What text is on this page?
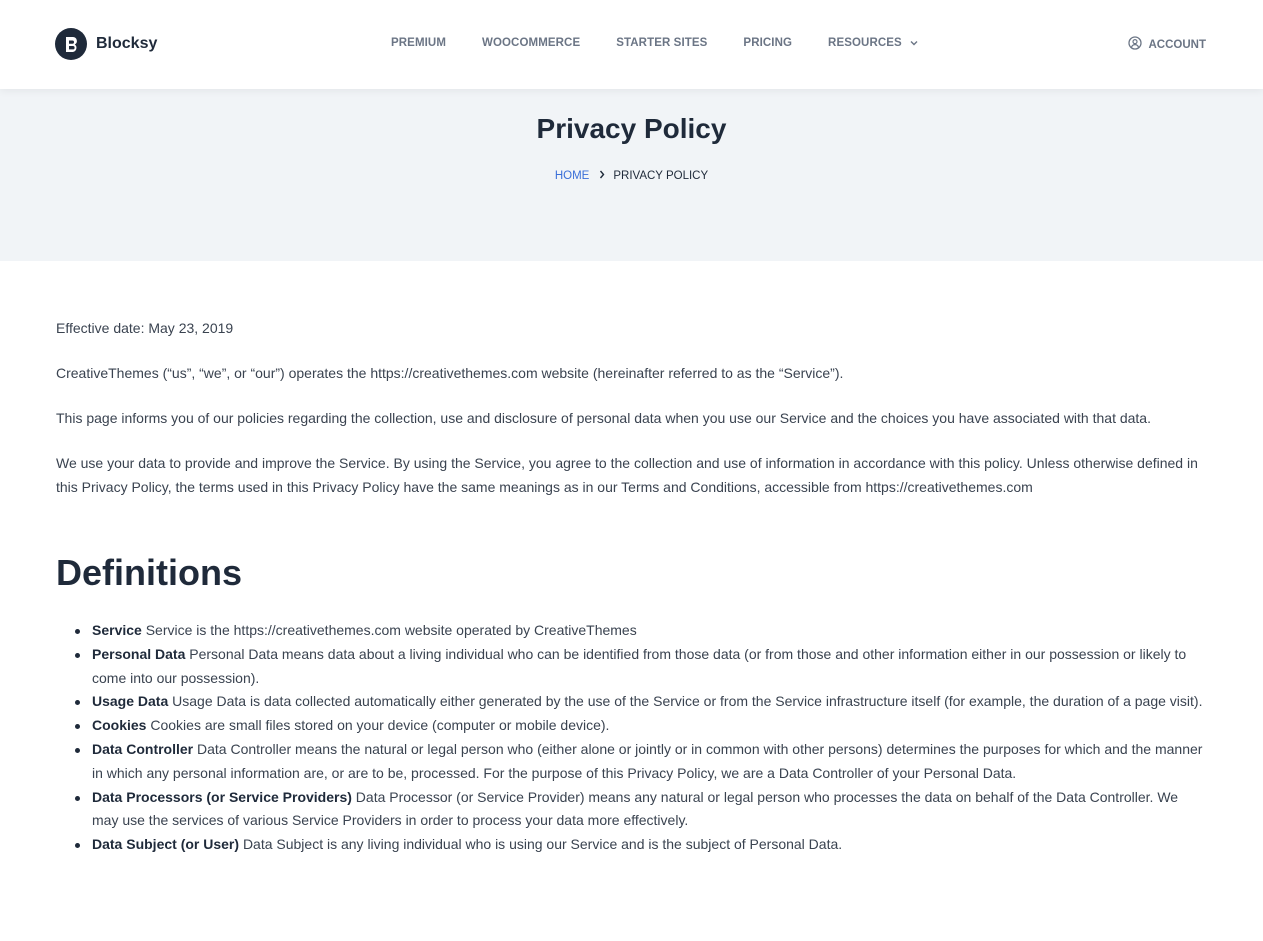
Blocksy	PREMIUM	WOOCOMMERCE	STARTER SITES	PRICING	RESOURCES	ACCOUNT
Privacy Policy
HOME PRIVACY POLICY

Effective date: May 23, 2019

CreativeThemes (“us”, “we”, or “our”) operates the https://creativethemes.com website (hereinafter referred to as the “Service”).

This page informs you of our policies regarding the collection, use and disclosure of personal data when you use our Service and the choices you have associated with that data.

We use your data to provide and improve the Service. By using the Service, you agree to the collection and use of information in accordance with this policy. Unless otherwise defined in this Privacy Policy, the terms used in this Privacy Policy have the same meanings as in our Terms and Conditions, accessible from https://creativethemes.com

Definitions
Service Service is the https://creativethemes.com website operated by CreativeThemes
Personal Data Personal Data means data about a living individual who can be identified from those data (or from those and other information either in our possession or likely to come into our possession).
Usage Data Usage Data is data collected automatically either generated by the use of the Service or from the Service infrastructure itself (for example, the duration of a page visit).
Cookies Cookies are small files stored on your device (computer or mobile device).
Data Controller Data Controller means the natural or legal person who (either alone or jointly or in common with other persons) determines the purposes for which and the manner in which any personal information are, or are to be, processed. For the purpose of this Privacy Policy, we are a Data Controller of your Personal Data.
Data Processors (or Service Providers) Data Processor (or Service Provider) means any natural or legal person who processes the data on behalf of the Data Controller. We may use the services of various Service Providers in order to process your data more effectively.
Data Subject (or User) Data Subject is any living individual who is using our Service and is the subject of Personal Data.
